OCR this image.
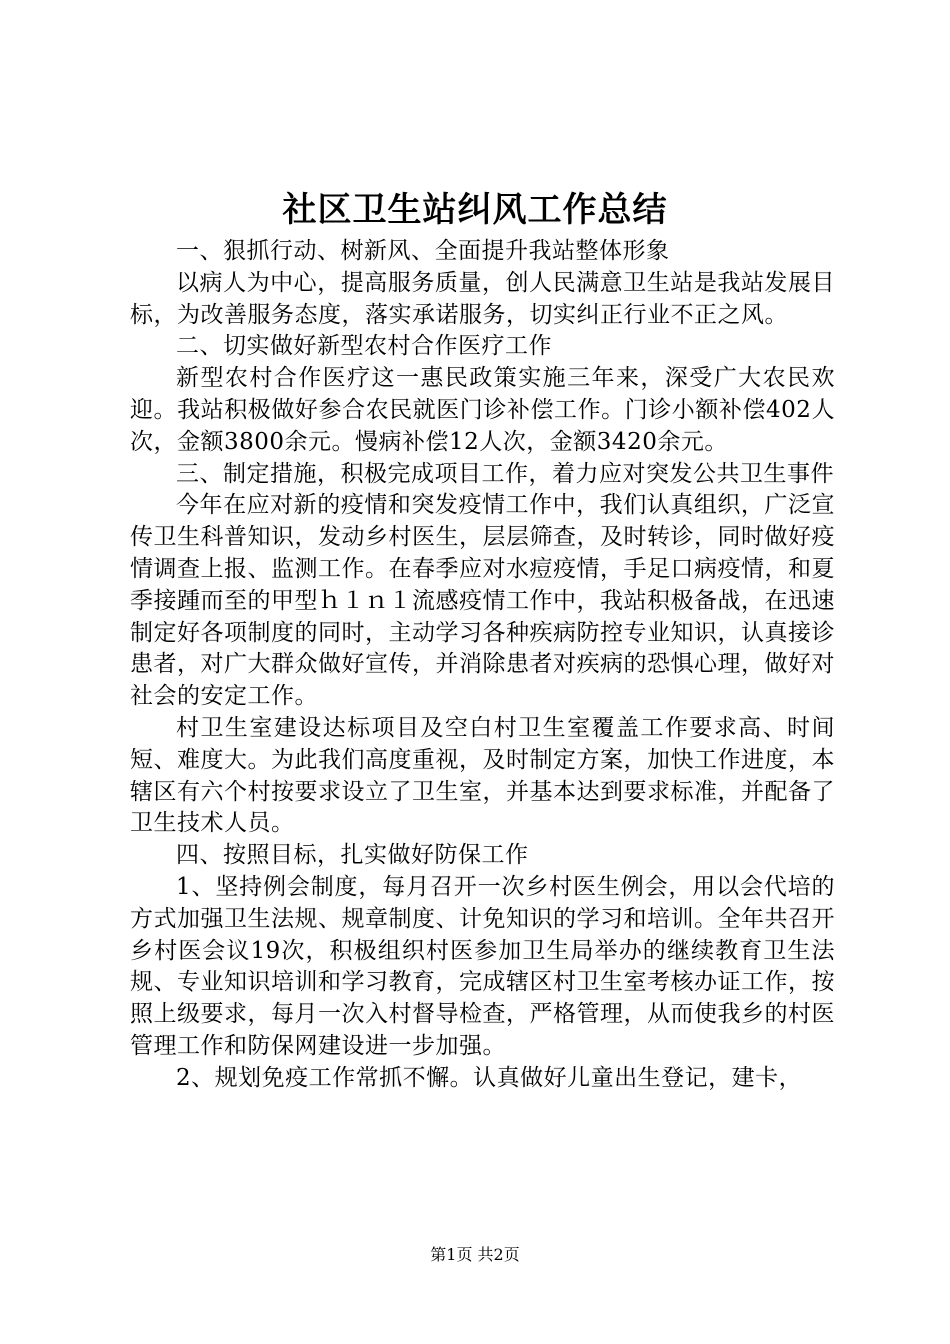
社区卫生站纠风工作总结

一、狠抓行动、树新风、全面提升我站整体形象

以病人为中心，提高服务质量，创人民满意卫生站是我站发展目标，为改善服务态度，落实承诺服务，切实纠正行业不正之风。

二、切实做好新型农村合作医疗工作

新型农村合作医疗这一惠民政策实施三年来，深受广大农民欢迎。我站积极做好参合农民就医门诊补偿工作。门诊小额补偿402人次，金额3800余元。慢病补偿12人次，金额3420余元。

三、制定措施，积极完成项目工作，着力应对突发公共卫生事件

今年在应对新的疫情和突发疫情工作中，我们认真组织，广泛宣传卫生科普知识，发动乡村医生，层层筛查，及时转诊，同时做好疫情调查上报、监测工作。在春季应对水痘疫情，手足口病疫情，和夏季接踵而至的甲型ｈ１ｎ１流感疫情工作中，我站积极备战，在迅速制定好各项制度的同时，主动学习各种疾病防控专业知识，认真接诊患者，对广大群众做好宣传，并消除患者对疾病的恐惧心理，做好对社会的安定工作。

村卫生室建设达标项目及空白村卫生室覆盖工作要求高、时间短、难度大。为此我们高度重视，及时制定方案，加快工作进度，本辖区有六个村按要求设立了卫生室，并基本达到要求标准，并配备了卫生技术人员。

四、按照目标，扎实做好防保工作

1、坚持例会制度，每月召开一次乡村医生例会，用以会代培的方式加强卫生法规、规章制度、计免知识的学习和培训。全年共召开乡村医会议19次，积极组织村医参加卫生局举办的继续教育卫生法规、专业知识培训和学习教育，完成辖区村卫生室考核办证工作，按照上级要求，每月一次入村督导检查，严格管理，从而使我乡的村医管理工作和防保网建设进一步加强。

2、规划免疫工作常抓不懈。认真做好儿童出生登记，建卡，

第1页 共2页
